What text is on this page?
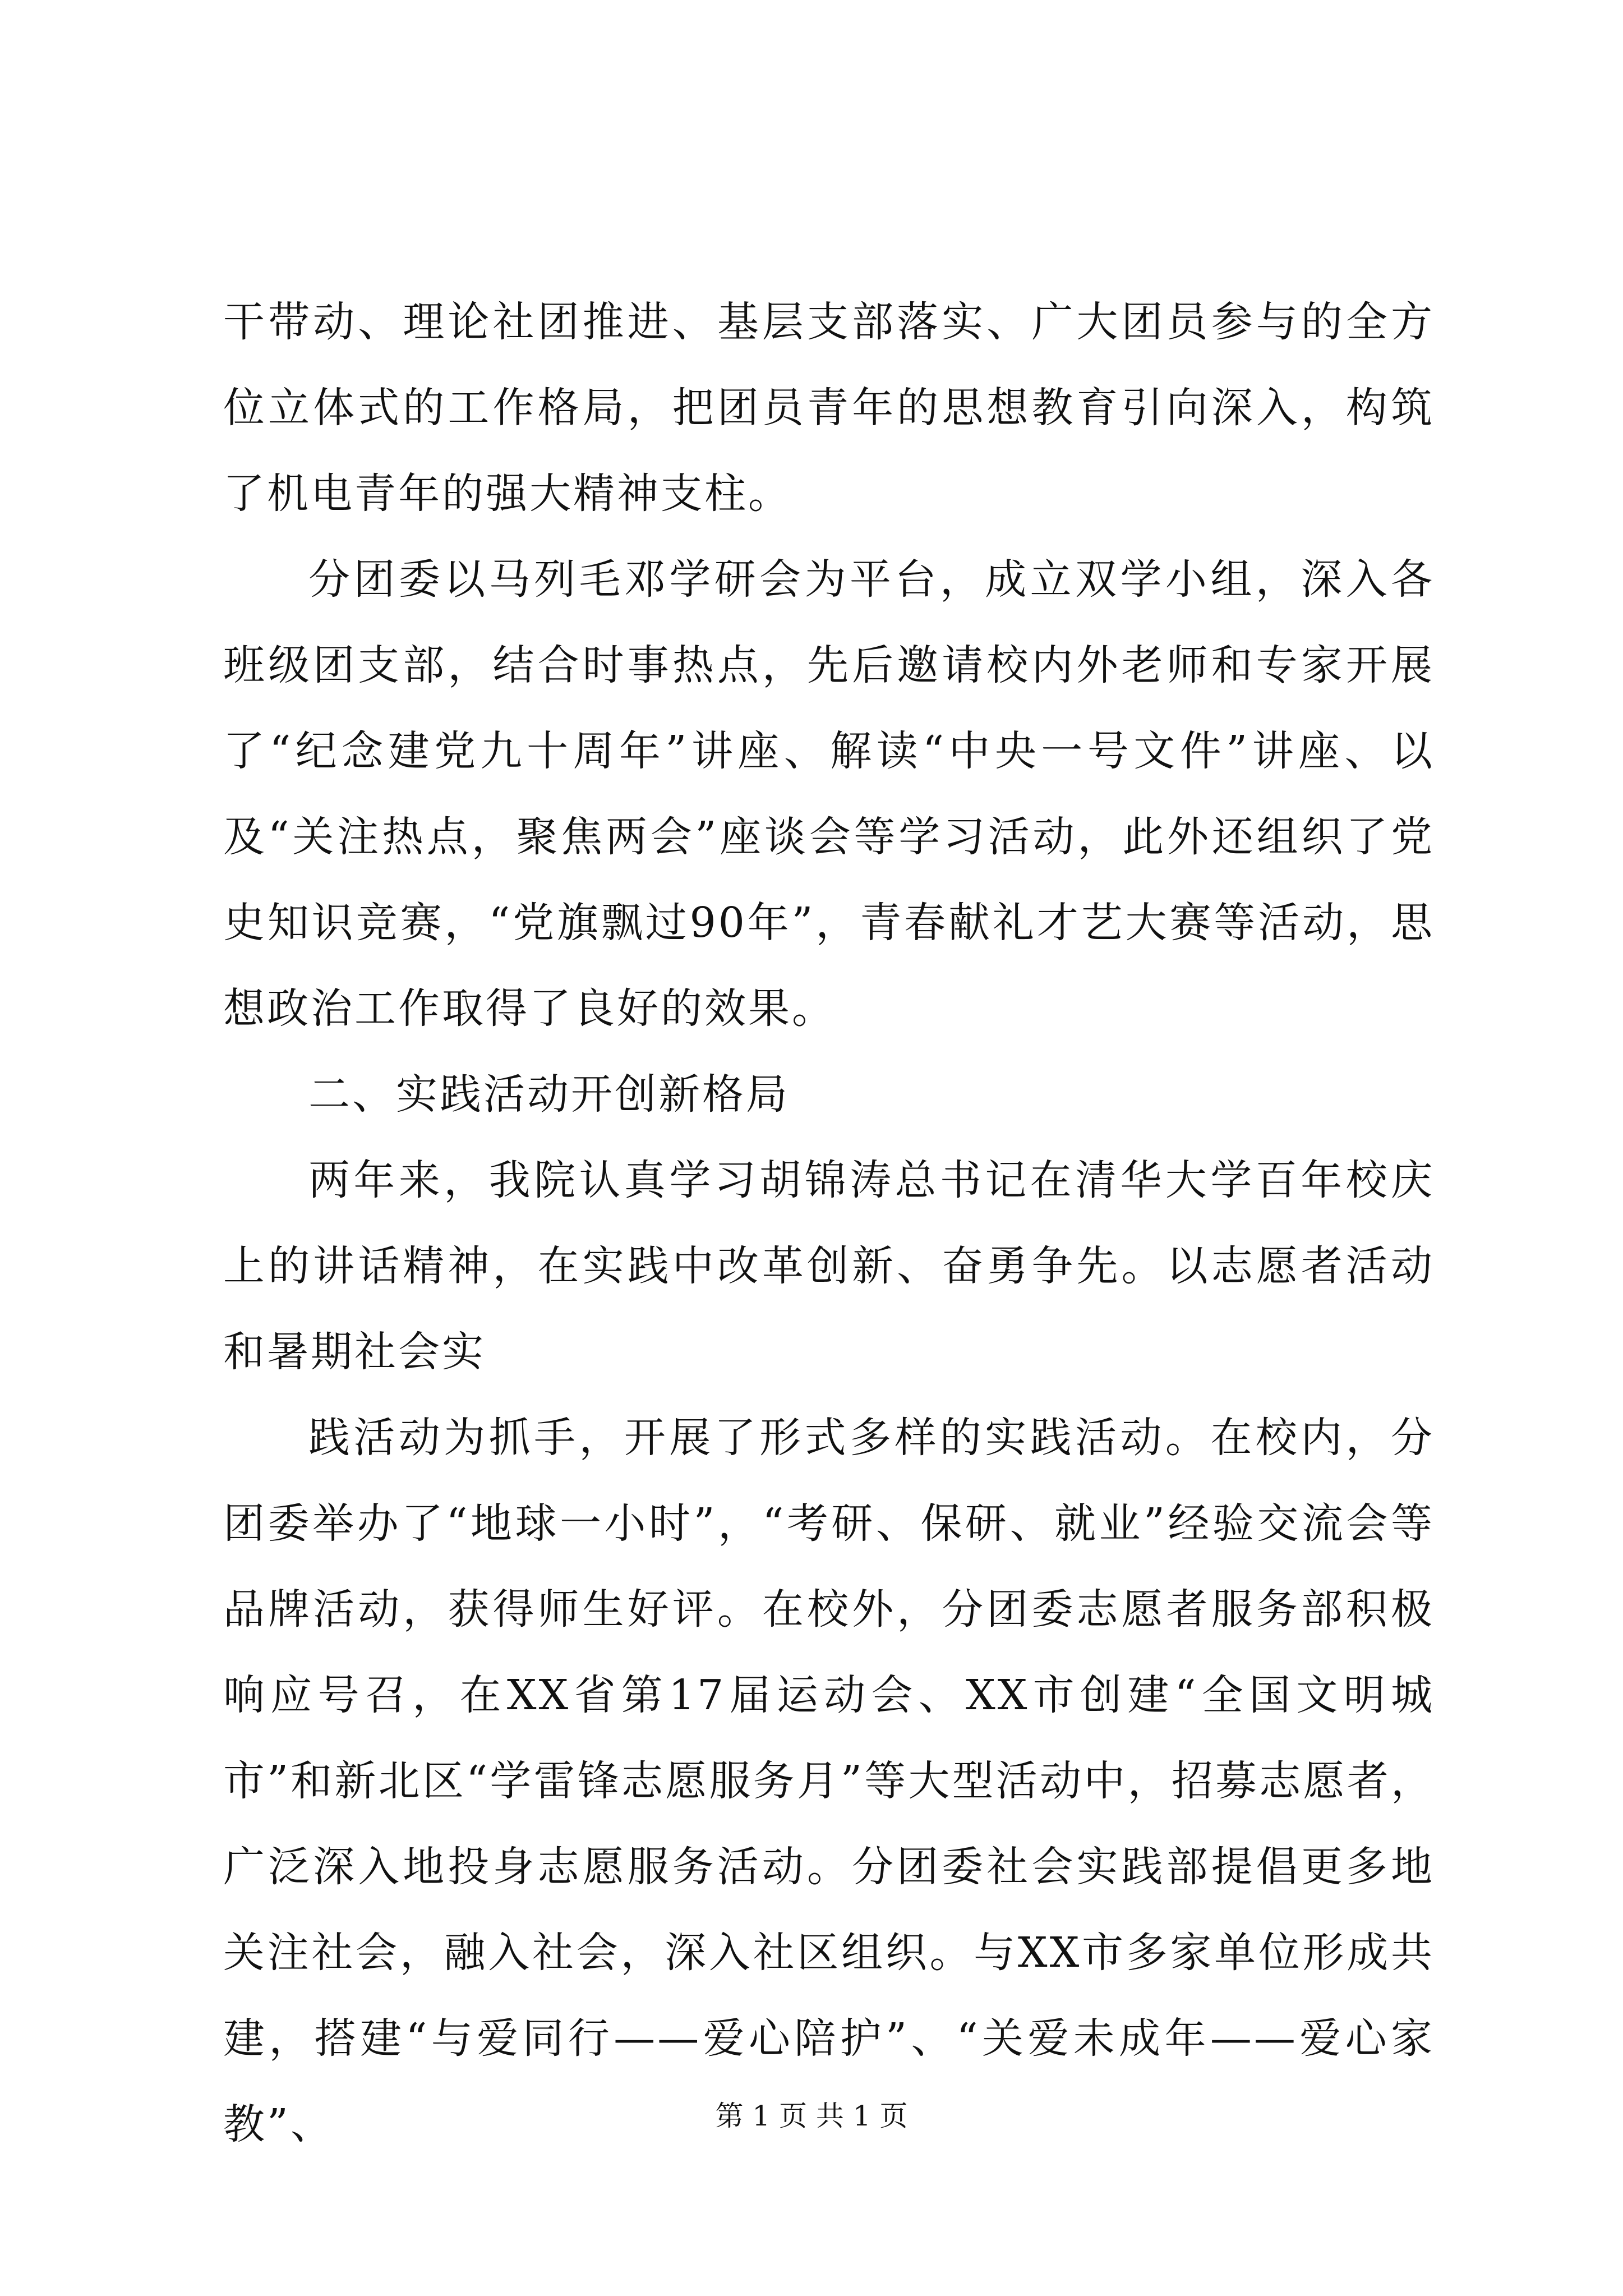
干带动、理论社团推进、基层支部落实、广大团员参与的全方位立体式的工作格局，把团员青年的思想教育引向深入，构筑了机电青年的强大精神支柱。

分团委以马列毛邓学研会为平台，成立双学小组，深入各班级团支部，结合时事热点，先后邀请校内外老师和专家开展了“纪念建党九十周年”讲座、解读“中央一号文件”讲座、以及“关注热点，聚焦两会”座谈会等学习活动，此外还组织了党史知识竞赛，“党旗飘过90年”，青春献礼才艺大赛等活动，思想政治工作取得了良好的效果。

二、实践活动开创新格局

两年来，我院认真学习胡锦涛总书记在清华大学百年校庆上的讲话精神，在实践中改革创新、奋勇争先。以志愿者活动和暑期社会实

践活动为抓手，开展了形式多样的实践活动。在校内，分团委举办了“地球一小时”，“考研、保研、就业”经验交流会等品牌活动，获得师生好评。在校外，分团委志愿者服务部积极响应号召，在XX省第17届运动会、XX市创建“全国文明城市”和新北区“学雷锋志愿服务月”等大型活动中，招募志愿者，广泛深入地投身志愿服务活动。分团委社会实践部提倡更多地关注社会，融入社会，深入社区组织。与XX市多家单位形成共建，搭建“与爱同行——爱心陪护”、“关爱未成年——爱心家教”、	第 1 页 共 1 页
